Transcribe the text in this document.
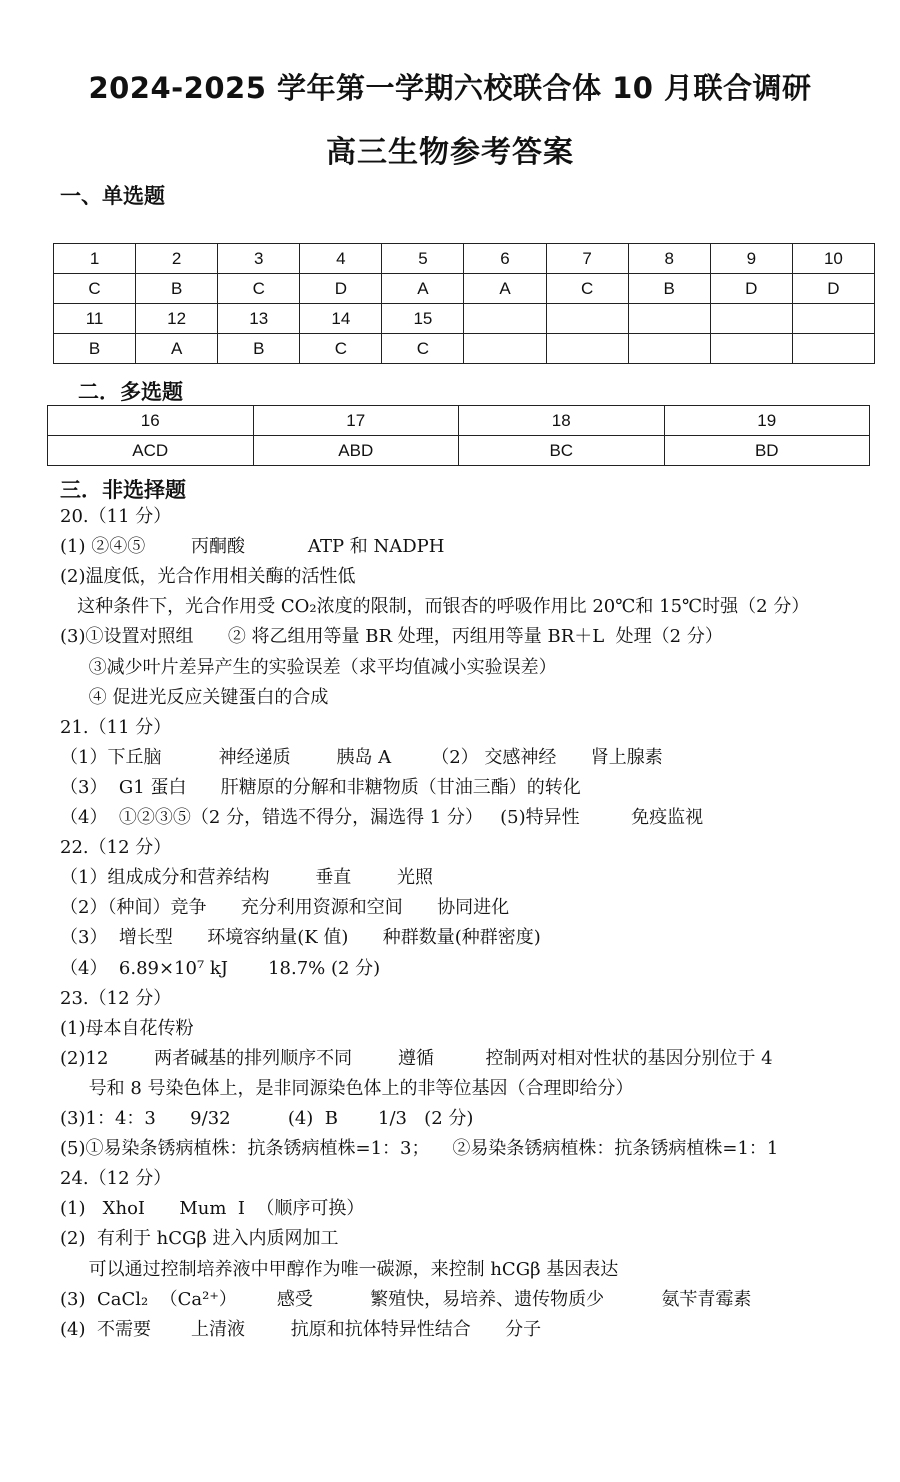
2024-2025 学年第一学期六校联合体 10 月联合调研
高三生物参考答案
一、单选题
1	2	3	4	5	6	7	8	9	10
C	B	C	D	A	A	C	B	D	D
11	12	13	14	15					
B	A	B	C	C					
二．多选题
16	17	18	19
ACD	ABD	BC	BD
三．非选择题
20.（11 分）
(1) ②④⑤        丙酮酸           ATP 和 NADPH
(2)温度低，光合作用相关酶的活性低
这种条件下，光合作用受 CO₂浓度的限制，而银杏的呼吸作用比 20℃和 15℃时强（2 分）
(3)①设置对照组      ② 将乙组用等量 BR 处理，丙组用等量 BR＋L  处理（2 分）
③减少叶片差异产生的实验误差（求平均值减小实验误差）
④ 促进光反应关键蛋白的合成
21.（11 分）
（1）下丘脑          神经递质        胰岛 A       （2） 交感神经      肾上腺素
（3）  G1 蛋白      肝糖原的分解和非糖物质（甘油三酯）的转化
（4）  ①②③⑤（2 分，错选不得分，漏选得 1 分）   (5)特异性         免疫监视
22.（12 分）
（1）组成成分和营养结构        垂直        光照
（2）（种间）竞争      充分利用资源和空间      协同进化
（3）  增长型      环境容纳量(K 值)      种群数量(种群密度)
（4）  6.89×10⁷ kJ       18.7% (2 分)
23.（12 分）
(1)母本自花传粉
(2)12        两者碱基的排列顺序不同        遵循         控制两对相对性状的基因分别位于 4
号和 8 号染色体上，是非同源染色体上的非等位基因（合理即给分）
(3)1：4：3      9/32          (4)  B       1/3   (2 分)
(5)①易染条锈病植株：抗条锈病植株=1：3；    ②易染条锈病植株：抗条锈病植株=1：1
24.（12 分）
(1)   XhoⅠ      Mum  Ⅰ  （顺序可换）
(2)  有利于 hCGβ 进入内质网加工
可以通过控制培养液中甲醇作为唯一碳源，来控制 hCGβ 基因表达
(3)  CaCl₂  （Ca²⁺）       感受          繁殖快，易培养、遗传物质少          氨苄青霉素
(4)  不需要       上清液        抗原和抗体特异性结合      分子
